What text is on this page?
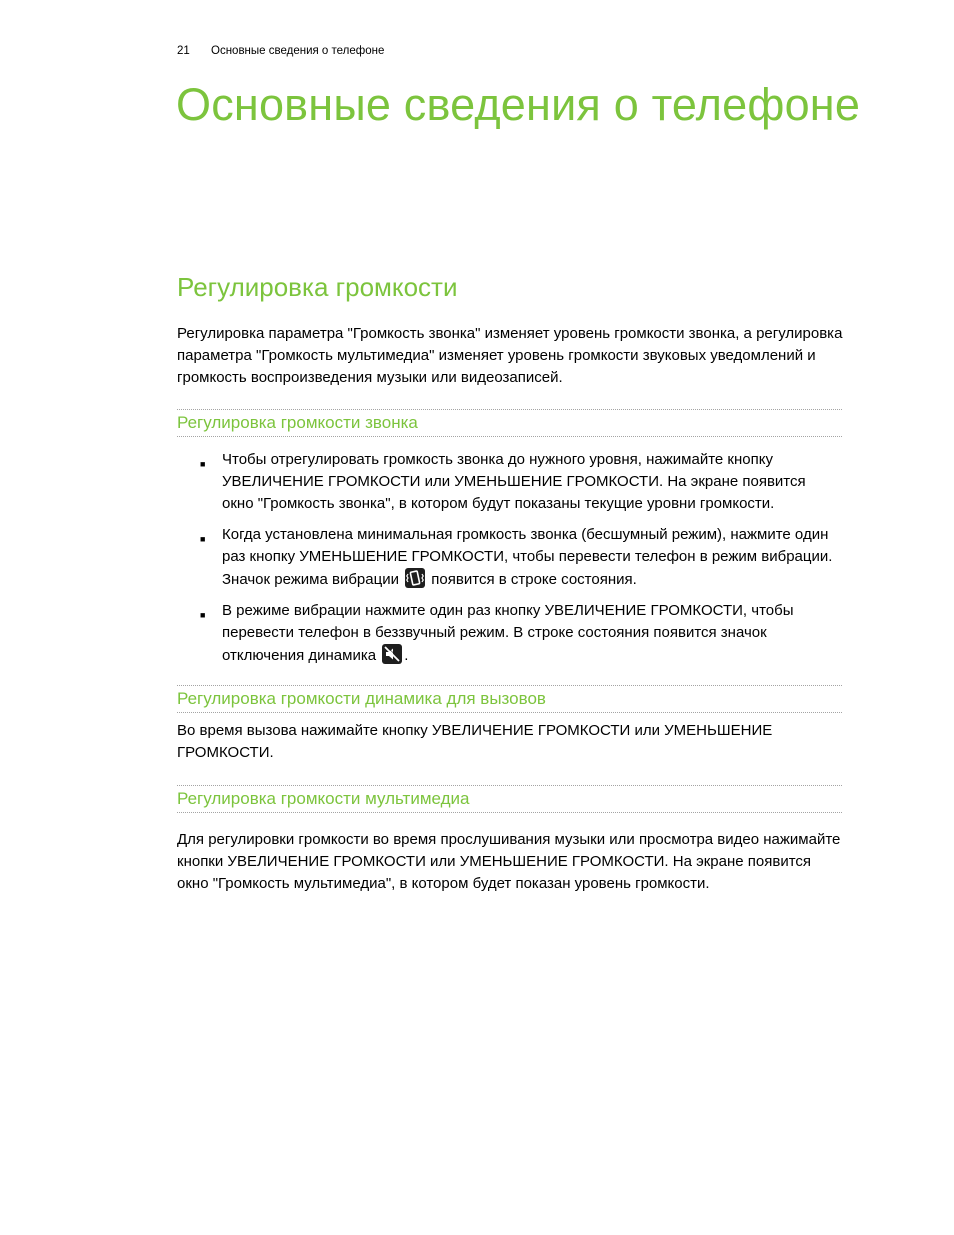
21 Основные сведения о телефоне
Основные сведения о телефоне
Регулировка громкости

Регулировка параметра "Громкость звонка" изменяет уровень громкости звонка, а регулировка параметра "Громкость мультимедиа" изменяет уровень громкости звуковых уведомлений и громкость воспроизведения музыки или видеозаписей.

Регулировка громкости звонка
■ Чтобы отрегулировать громкость звонка до нужного уровня, нажимайте кнопку УВЕЛИЧЕНИЕ ГРОМКОСТИ или УМЕНЬШЕНИЕ ГРОМКОСТИ. На экране появится окно "Громкость звонка", в котором будут показаны текущие уровни громкости.
■ Когда установлена минимальная громкость звонка (бесшумный режим), нажмите один раз кнопку УМЕНЬШЕНИЕ ГРОМКОСТИ, чтобы перевести телефон в режим вибрации. Значок режима вибрации  появится в строке состояния.
■ В режиме вибрации нажмите один раз кнопку УВЕЛИЧЕНИЕ ГРОМКОСТИ, чтобы перевести телефон в беззвучный режим. В строке состояния появится значок отключения динамика .
Регулировка громкости динамика для вызовов

Во время вызова нажимайте кнопку УВЕЛИЧЕНИЕ ГРОМКОСТИ или УМЕНЬШЕНИЕ ГРОМКОСТИ.

Регулировка громкости мультимедиа

Для регулировки громкости во время прослушивания музыки или просмотра видео нажимайте кнопки УВЕЛИЧЕНИЕ ГРОМКОСТИ или УМЕНЬШЕНИЕ ГРОМКОСТИ. На экране появится окно "Громкость мультимедиа", в котором будет показан уровень громкости.
